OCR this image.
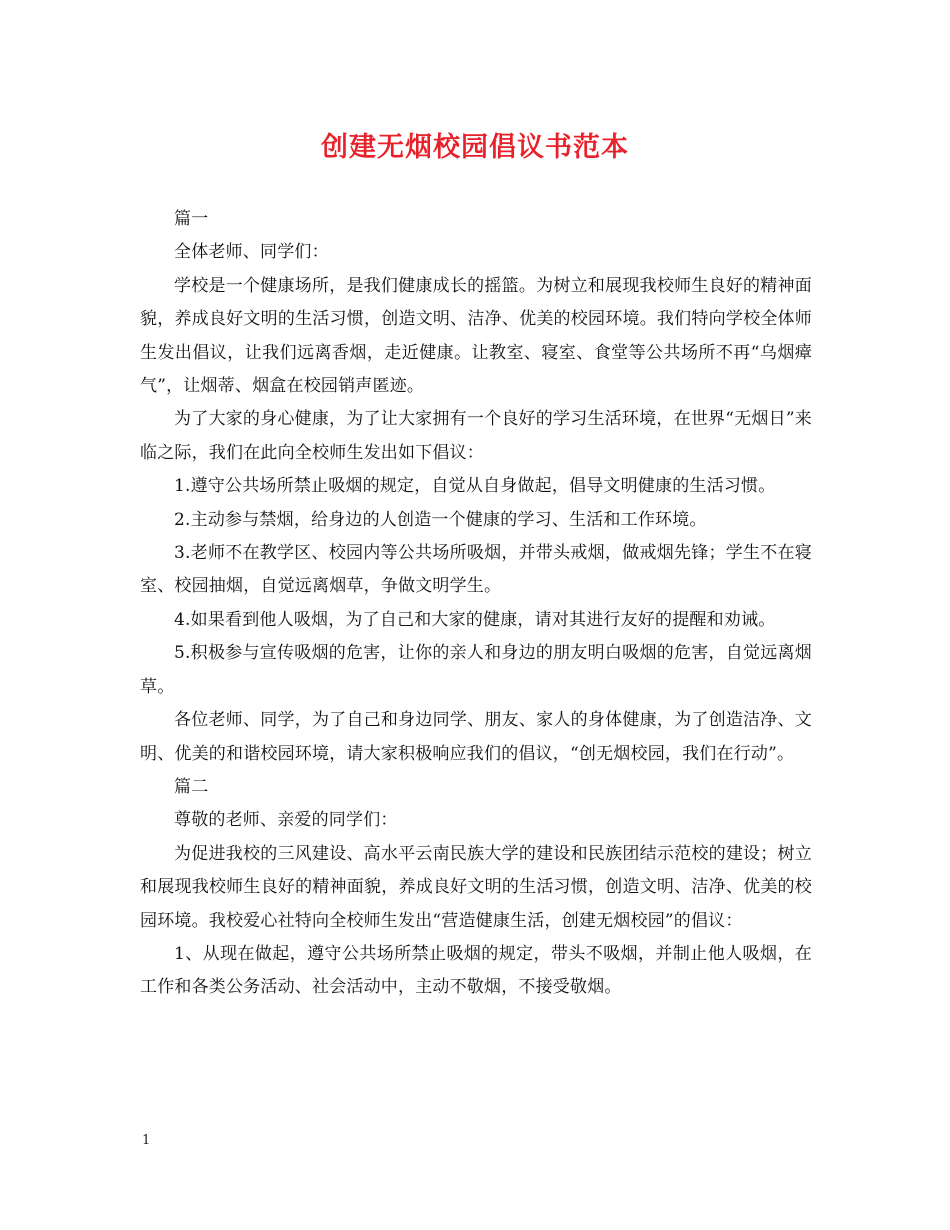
创建无烟校园倡议书范本

篇一

全体老师、同学们：

学校是一个健康场所，是我们健康成长的摇篮。为树立和展现我校师生良好的精神面貌，养成良好文明的生活习惯，创造文明、洁净、优美的校园环境。我们特向学校全体师生发出倡议，让我们远离香烟，走近健康。让教室、寝室、食堂等公共场所不再“乌烟瘴气”，让烟蒂、烟盒在校园销声匿迹。

为了大家的身心健康，为了让大家拥有一个良好的学习生活环境，在世界“无烟日”来临之际，我们在此向全校师生发出如下倡议：

1.遵守公共场所禁止吸烟的规定，自觉从自身做起，倡导文明健康的生活习惯。

2.主动参与禁烟，给身边的人创造一个健康的学习、生活和工作环境。

3.老师不在教学区、校园内等公共场所吸烟，并带头戒烟，做戒烟先锋；学生不在寝室、校园抽烟，自觉远离烟草，争做文明学生。

4.如果看到他人吸烟，为了自己和大家的健康，请对其进行友好的提醒和劝诫。

5.积极参与宣传吸烟的危害，让你的亲人和身边的朋友明白吸烟的危害，自觉远离烟草。

各位老师、同学，为了自己和身边同学、朋友、家人的身体健康，为了创造洁净、文明、优美的和谐校园环境，请大家积极响应我们的倡议，“创无烟校园，我们在行动”。

篇二

尊敬的老师、亲爱的同学们：

为促进我校的三风建设、高水平云南民族大学的建设和民族团结示范校的建设；树立和展现我校师生良好的精神面貌，养成良好文明的生活习惯，创造文明、洁净、优美的校园环境。我校爱心社特向全校师生发出“营造健康生活，创建无烟校园”的倡议：

1、从现在做起，遵守公共场所禁止吸烟的规定，带头不吸烟，并制止他人吸烟，在工作和各类公务活动、社会活动中，主动不敬烟，不接受敬烟。

1
